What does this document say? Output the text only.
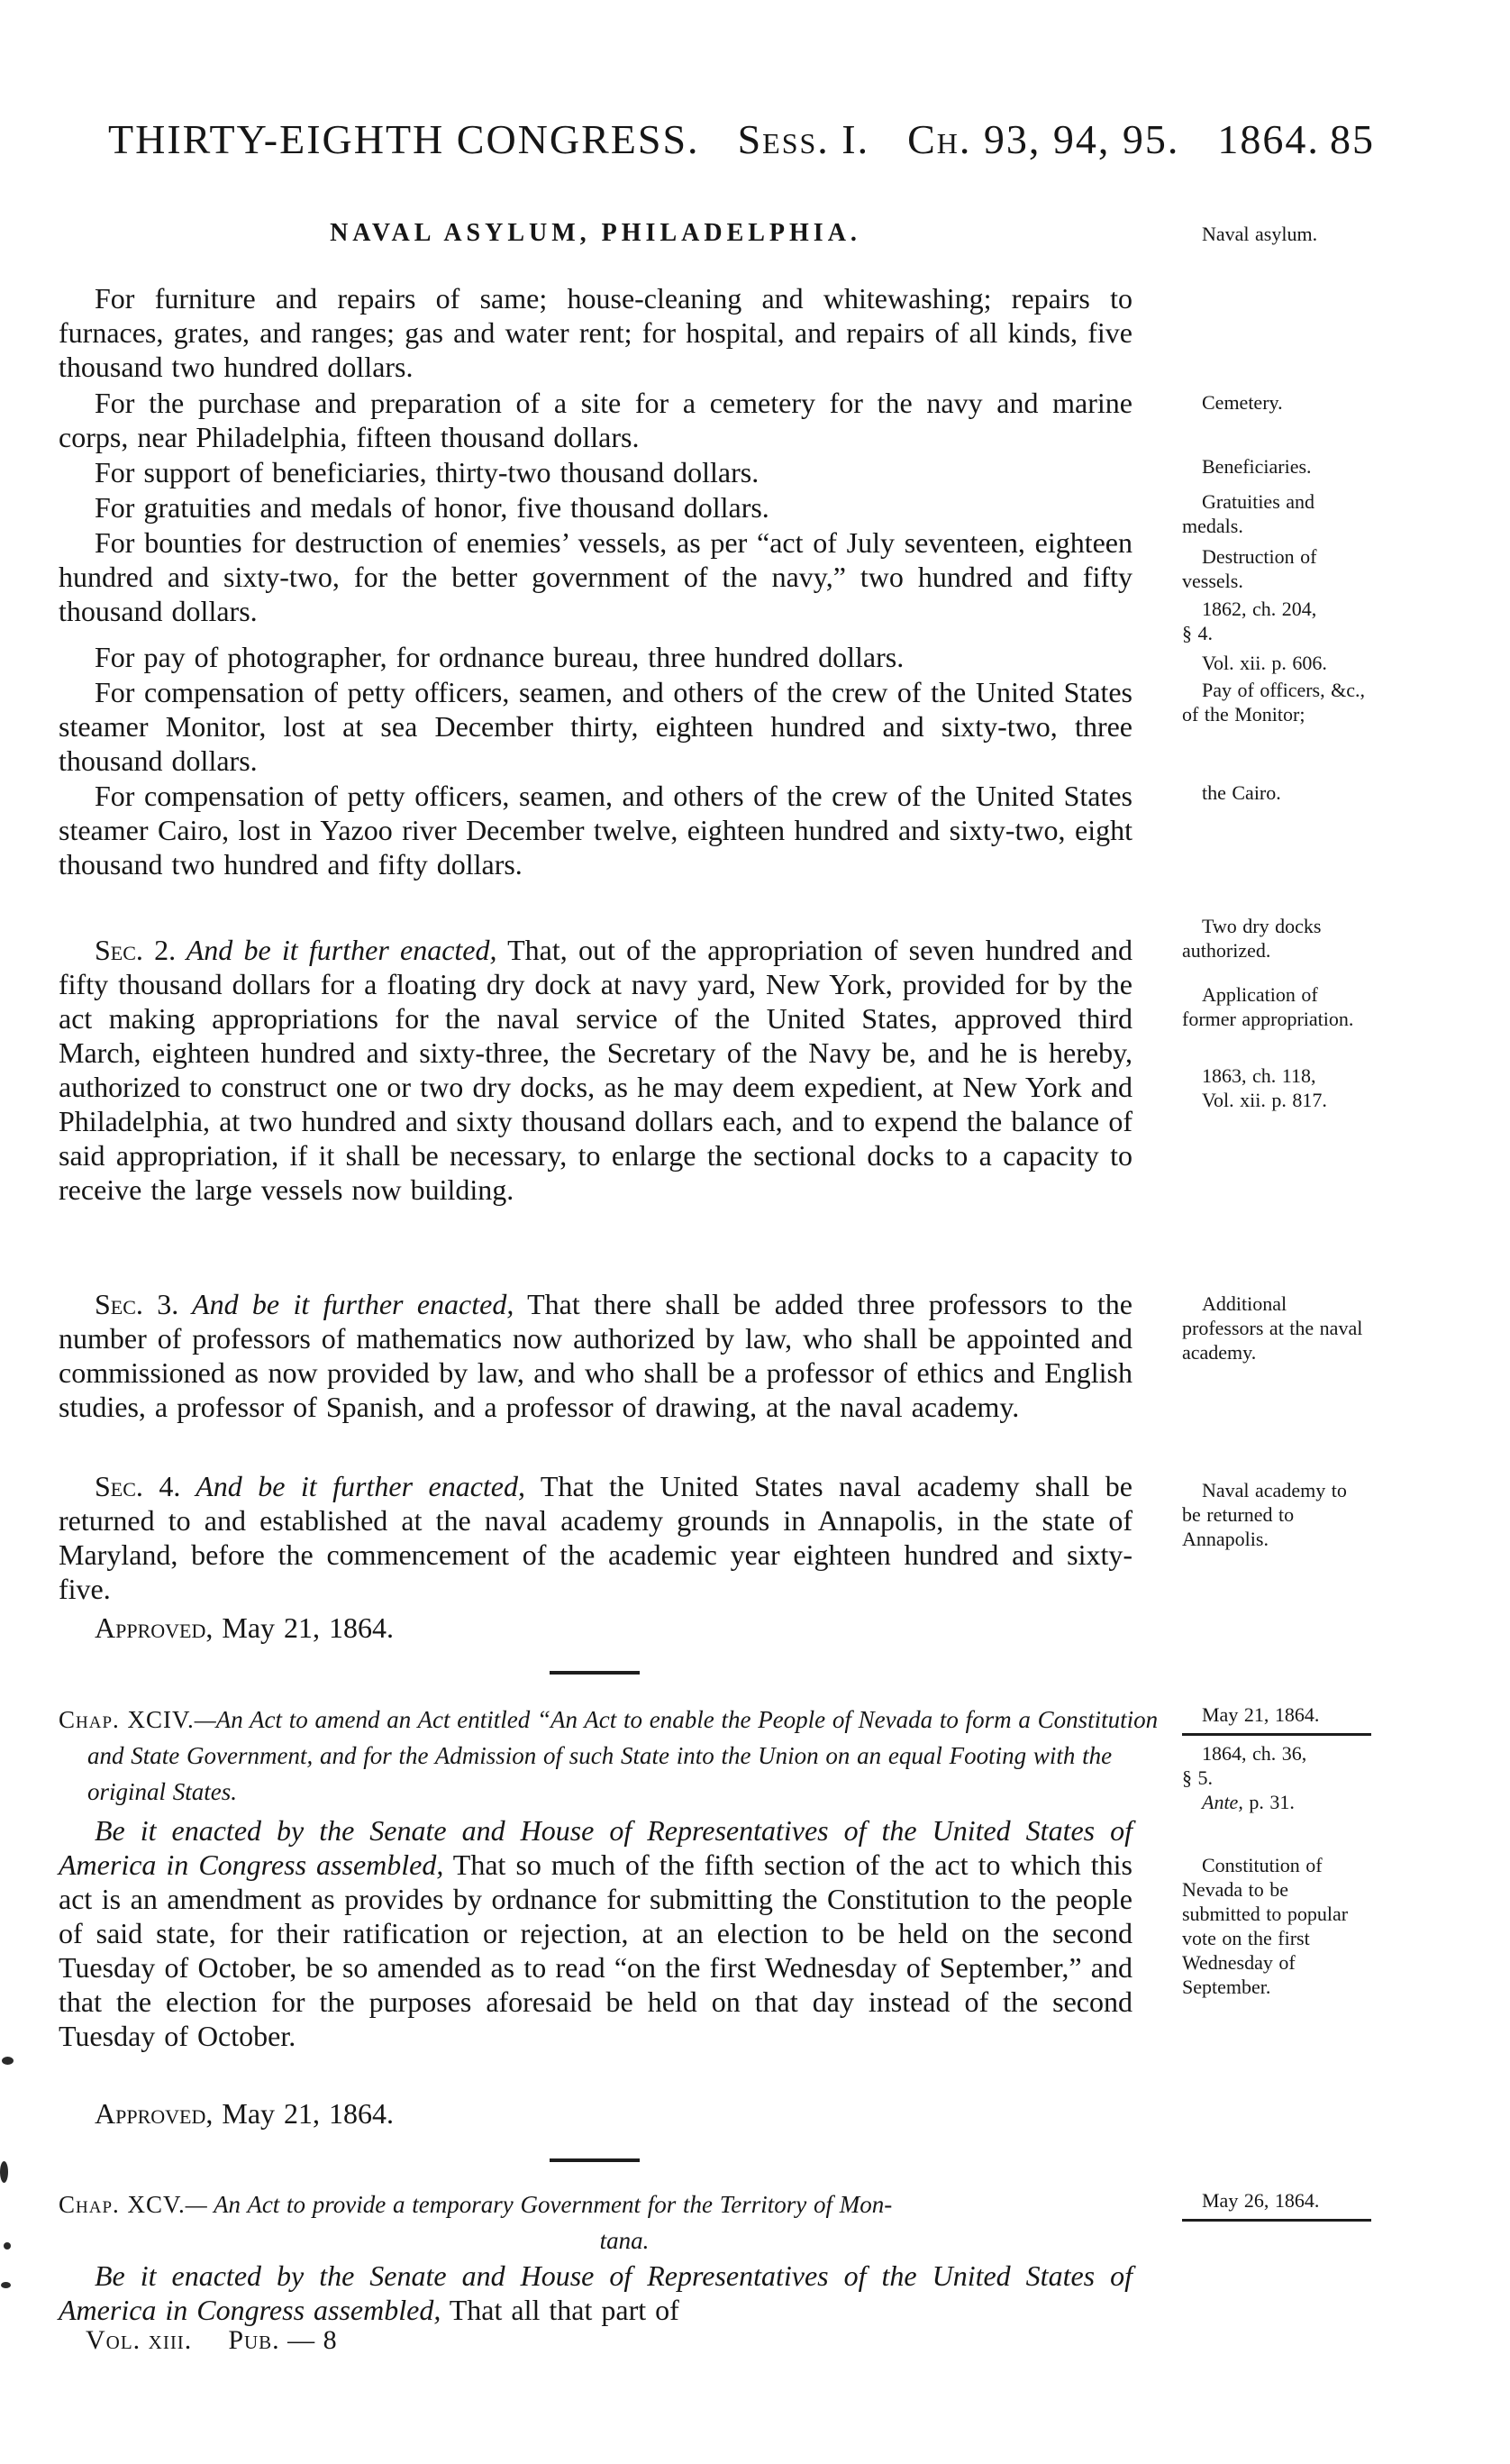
THIRTY-EIGHTH CONGRESS. Sess. I. Ch. 93, 94, 95. 1864. 85
NAVAL ASYLUM, PHILADELPHIA.
For furniture and repairs of same; house-cleaning and whitewashing; repairs to furnaces, grates, and ranges; gas and water rent; for hospital, and repairs of all kinds, five thousand two hundred dollars.
For the purchase and preparation of a site for a cemetery for the navy and marine corps, near Philadelphia, fifteen thousand dollars.
For support of beneficiaries, thirty-two thousand dollars.
For gratuities and medals of honor, five thousand dollars.
For bounties for destruction of enemies’ vessels, as per “act of July seventeen, eighteen hundred and sixty-two, for the better government of the navy,” two hundred and fifty thousand dollars.
For pay of photographer, for ordnance bureau, three hundred dollars.
For compensation of petty officers, seamen, and others of the crew of the United States steamer Monitor, lost at sea December thirty, eighteen hundred and sixty-two, three thousand dollars.
For compensation of petty officers, seamen, and others of the crew of the United States steamer Cairo, lost in Yazoo river December twelve, eighteen hundred and sixty-two, eight thousand two hundred and fifty dollars.
Sec. 2. And be it further enacted, That, out of the appropriation of seven hundred and fifty thousand dollars for a floating dry dock at navy yard, New York, provided for by the act making appropriations for the naval service of the United States, approved third March, eighteen hundred and sixty-three, the Secretary of the Navy be, and he is hereby, authorized to construct one or two dry docks, as he may deem expedient, at New York and Philadelphia, at two hundred and sixty thousand dollars each, and to expend the balance of said appropriation, if it shall be necessary, to enlarge the sectional docks to a capacity to receive the large vessels now building.
Sec. 3. And be it further enacted, That there shall be added three professors to the number of professors of mathematics now authorized by law, who shall be appointed and commissioned as now provided by law, and who shall be a professor of ethics and English studies, a professor of Spanish, and a professor of drawing, at the naval academy.
Sec. 4. And be it further enacted, That the United States naval academy shall be returned to and established at the naval academy grounds in Annapolis, in the state of Maryland, before the commencement of the academic year eighteen hundred and sixty-five.
Approved, May 21, 1864.
Chap. XCIV.—An Act to amend an Act entitled “An Act to enable the People of Nevada to form a Constitution and State Government, and for the Admission of such State into the Union on an equal Footing with the original States.
Be it enacted by the Senate and House of Representatives of the United States of America in Congress assembled, That so much of the fifth section of the act to which this act is an amendment as provides by ordnance for submitting the Constitution to the people of said state, for their ratification or rejection, at an election to be held on the second Tuesday of October, be so amended as to read “on the first Wednesday of September,” and that the election for the purposes aforesaid be held on that day instead of the second Tuesday of October.
Approved, May 21, 1864.
Chap. XCV.— An Act to provide a temporary Government for the Territory of Mon-
tana.
Be it enacted by the Senate and House of Representatives of the United States of America in Congress assembled, That all that part of
Vol. xiii. Pub. — 8
Naval asylum.
Cemetery.
Beneficiaries.
Gratuities and medals.
Destruction of vessels.
1862, ch. 204,
§ 4.
Vol. xii. p. 606.
Pay of officers, &c., of the Monitor;
the Cairo.
Two dry docks authorized.
Application of former appropriation.
1863, ch. 118,
Vol. xii. p. 817.
Additional professors at the naval academy.
Naval academy to be returned to Annapolis.
May 21, 1864.
1864, ch. 36,
§ 5.
Ante, p. 31.
Constitution of Nevada to be submitted to popular vote on the first Wednesday of September.
May 26, 1864.
